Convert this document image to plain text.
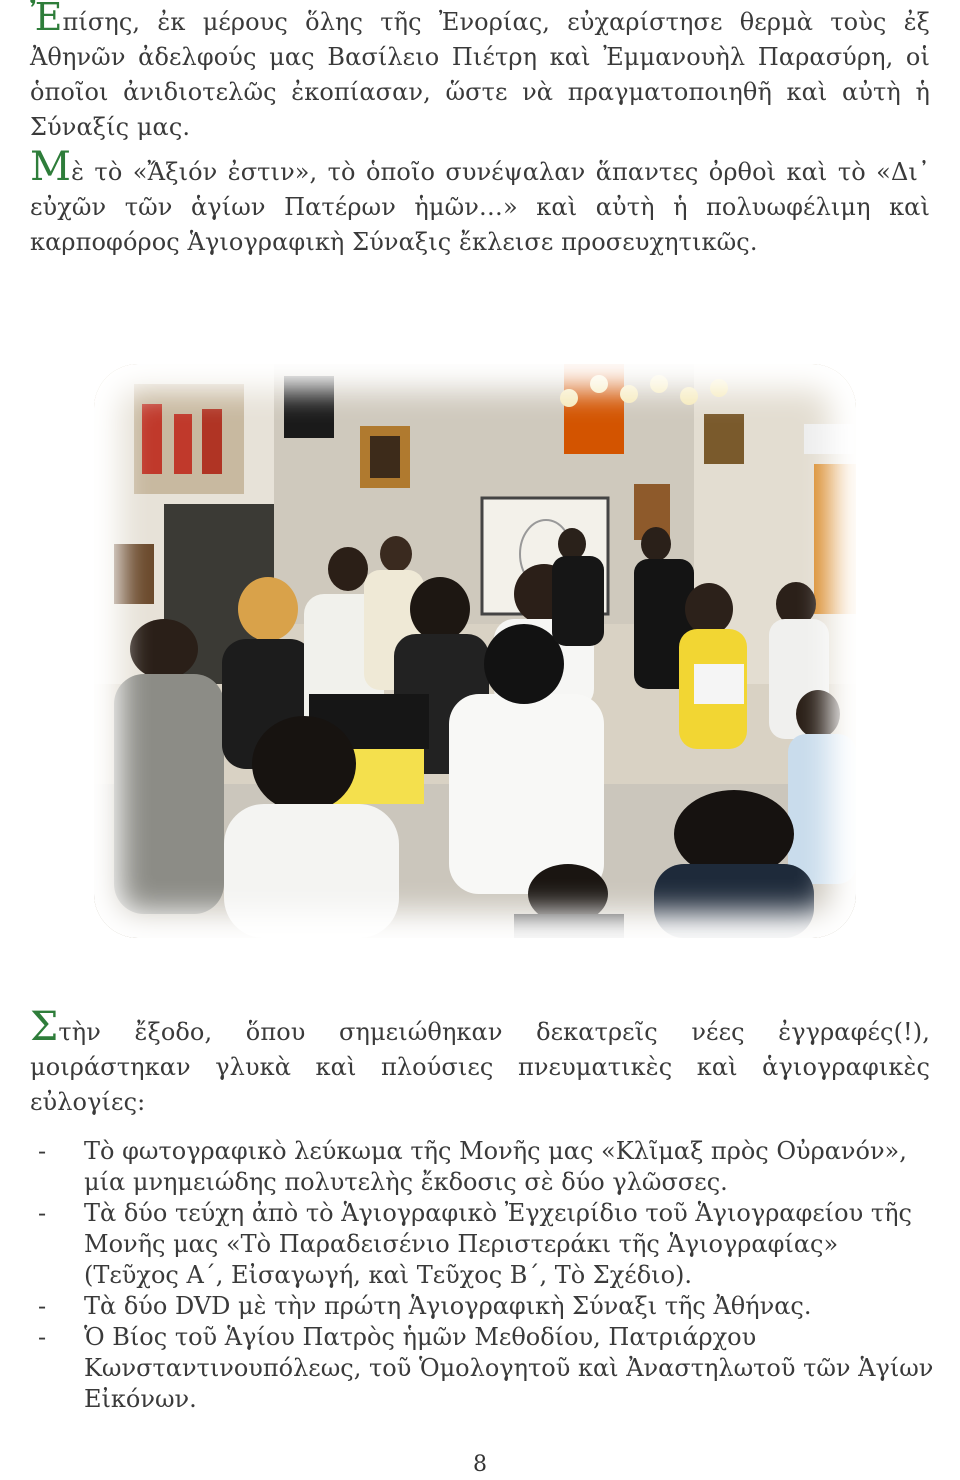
Ἐπίσης, ἐκ μέρους ὅλης τῆς Ἐνορίας, εὐχαρίστησε θερμὰ τοὺς ἐξ Ἀθηνῶν ἀδελφούς μας Βασίλειο Πιέτρη καὶ Ἐμμανουὴλ Παρασύρη, οἱ ὁποῖοι ἀνιδιοτελῶς ἐκοπίασαν, ὥστε νὰ πραγματοποιηθῆ καὶ αὐτὴ ἡ Σύναξίς μας.

Μὲ τὸ «Ἄξιόν ἐστιν», τὸ ὁποῖο συνέψαλαν ἅπαντες ὀρθοὶ καὶ τὸ «Δι᾽ εὐχῶν τῶν ἁγίων Πατέρων ἡμῶν…» καὶ αὐτὴ ἡ πολυωφέλιμη καὶ καρποφόρος Ἁγιογραφικὴ Σύναξις ἔκλεισε προσευχητικῶς.

Στὴν ἔξοδο, ὅπου σημειώθηκαν δεκατρεῖς νέες ἐγγραφές(!), μοιράστηκαν γλυκὰ καὶ πλούσιες πνευματικὲς καὶ ἁγιογραφικὲς εὐλογίες:

- Τὸ φωτογραφικὸ λεύκωμα τῆς Μονῆς μας «Κλῖμαξ πρὸς Οὐρανόν», μία μνημειώδης πολυτελὴς ἔκδοσις σὲ δύο γλῶσσες.
- Τὰ δύο τεύχη ἀπὸ τὸ Ἁγιογραφικὸ Ἐγχειρίδιο τοῦ Ἁγιογραφείου τῆς Μονῆς μας «Τὸ Παραδεισένιο Περιστεράκι τῆς Ἁγιογραφίας» (Τεῦχος Α΄, Εἰσαγωγή, καὶ Τεῦχος Β΄, Τὸ Σχέδιο).
- Τὰ δύο DVD μὲ τὴν πρώτη Ἁγιογραφικὴ Σύναξι τῆς Ἀθήνας.
- Ὁ Βίος τοῦ Ἁγίου Πατρὸς ἡμῶν Μεθοδίου, Πατριάρχου Κωνσταντινουπόλεως, τοῦ Ὁμολογητοῦ καὶ Ἀναστηλωτοῦ τῶν Ἁγίων Εἰκόνων.
8
